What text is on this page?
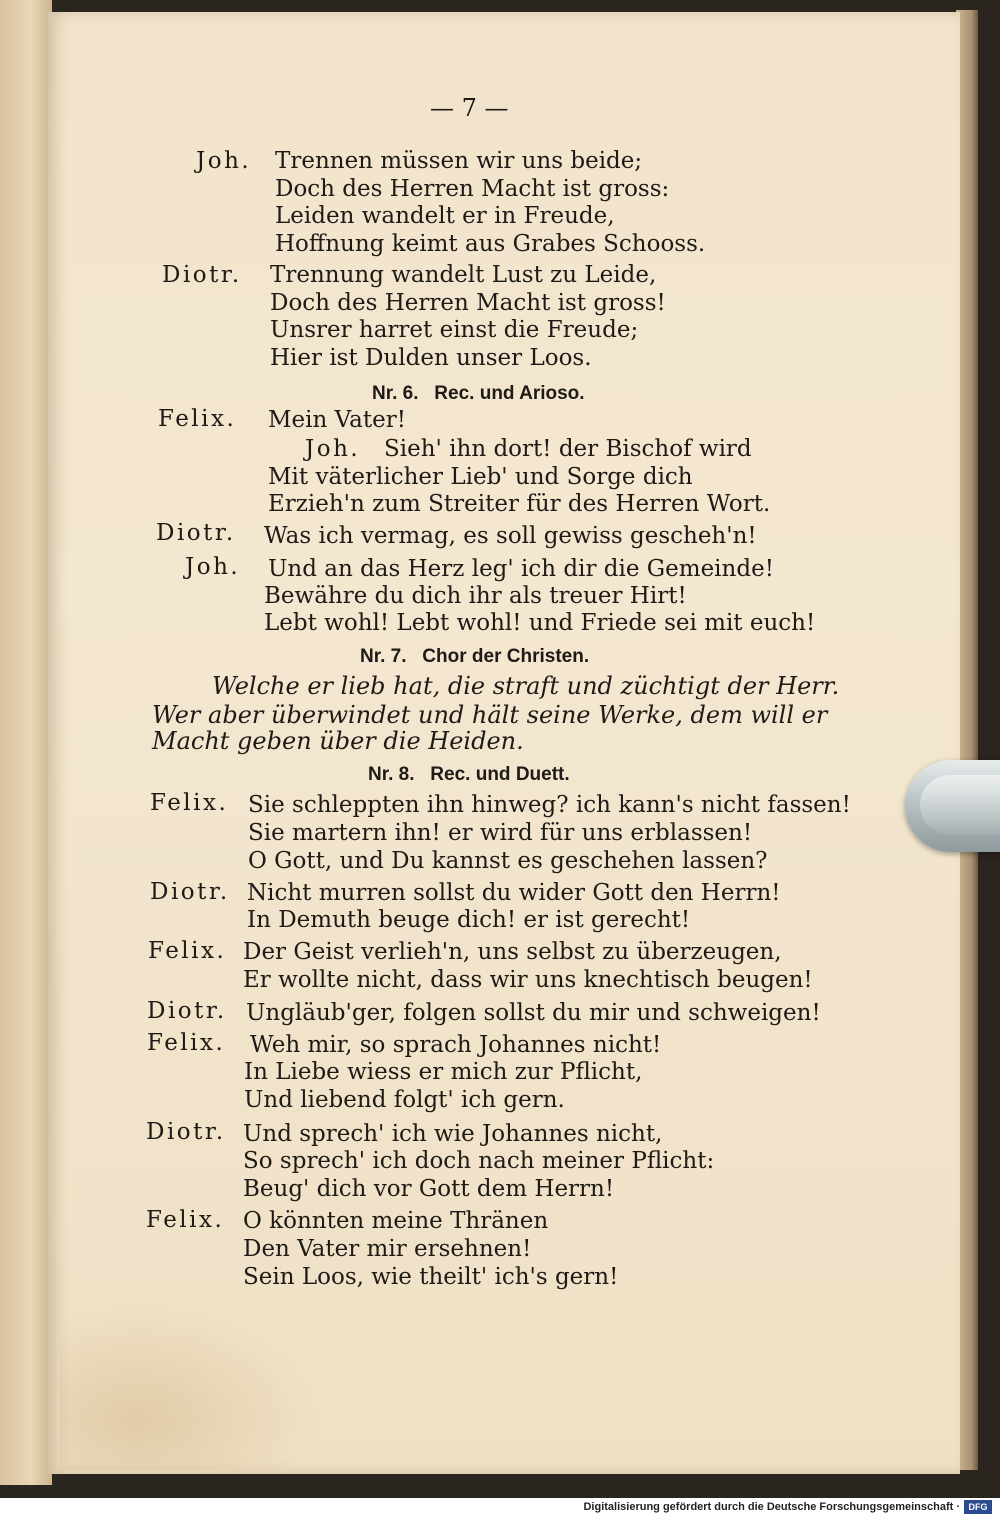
— 7 —
Joh. Trennen müssen wir uns beide;
Doch des Herren Macht ist gross:
Leiden wandelt er in Freude,
Hoffnung keimt aus Grabes Schooss.
Diotr. Trennung wandelt Lust zu Leide,
Doch des Herren Macht ist gross!
Unsrer harret einst die Freude;
Hier ist Dulden unser Loos.
Nr. 6.   Rec. und Arioso.
Felix. Mein Vater!
Joh. Sieh' ihn dort! der Bischof wird
Mit väterlicher Lieb' und Sorge dich
Erzieh'n zum Streiter für des Herren Wort.
Diotr. Was ich vermag, es soll gewiss gescheh'n!
Joh. Und an das Herz leg' ich dir die Gemeinde!
Bewähre du dich ihr als treuer Hirt!
Lebt wohl! Lebt wohl! und Friede sei mit euch!
Nr. 7.   Chor der Christen.
Welche er lieb hat, die straft und züchtigt der Herr.
Wer aber überwindet und hält seine Werke, dem will er
Macht geben über die Heiden.
Nr. 8.   Rec. und Duett.
Felix. Sie schleppten ihn hinweg? ich kann's nicht fassen!
Sie martern ihn! er wird für uns erblassen!
O Gott, und Du kannst es geschehen lassen?
Diotr. Nicht murren sollst du wider Gott den Herrn!
In Demuth beuge dich! er ist gerecht!
Felix. Der Geist verlieh'n, uns selbst zu überzeugen,
Er wollte nicht, dass wir uns knechtisch beugen!
Diotr. Ungläub'ger, folgen sollst du mir und schweigen!
Felix. Weh mir, so sprach Johannes nicht!
In Liebe wiess er mich zur Pflicht,
Und liebend folgt' ich gern.
Diotr. Und sprech' ich wie Johannes nicht,
So sprech' ich doch nach meiner Pflicht:
Beug' dich vor Gott dem Herrn!
Felix. O könnten meine Thränen
Den Vater mir ersehnen!
Sein Loos, wie theilt' ich's gern!
Digitalisierung gefördert durch die Deutsche Forschungsgemeinschaft · DFG
